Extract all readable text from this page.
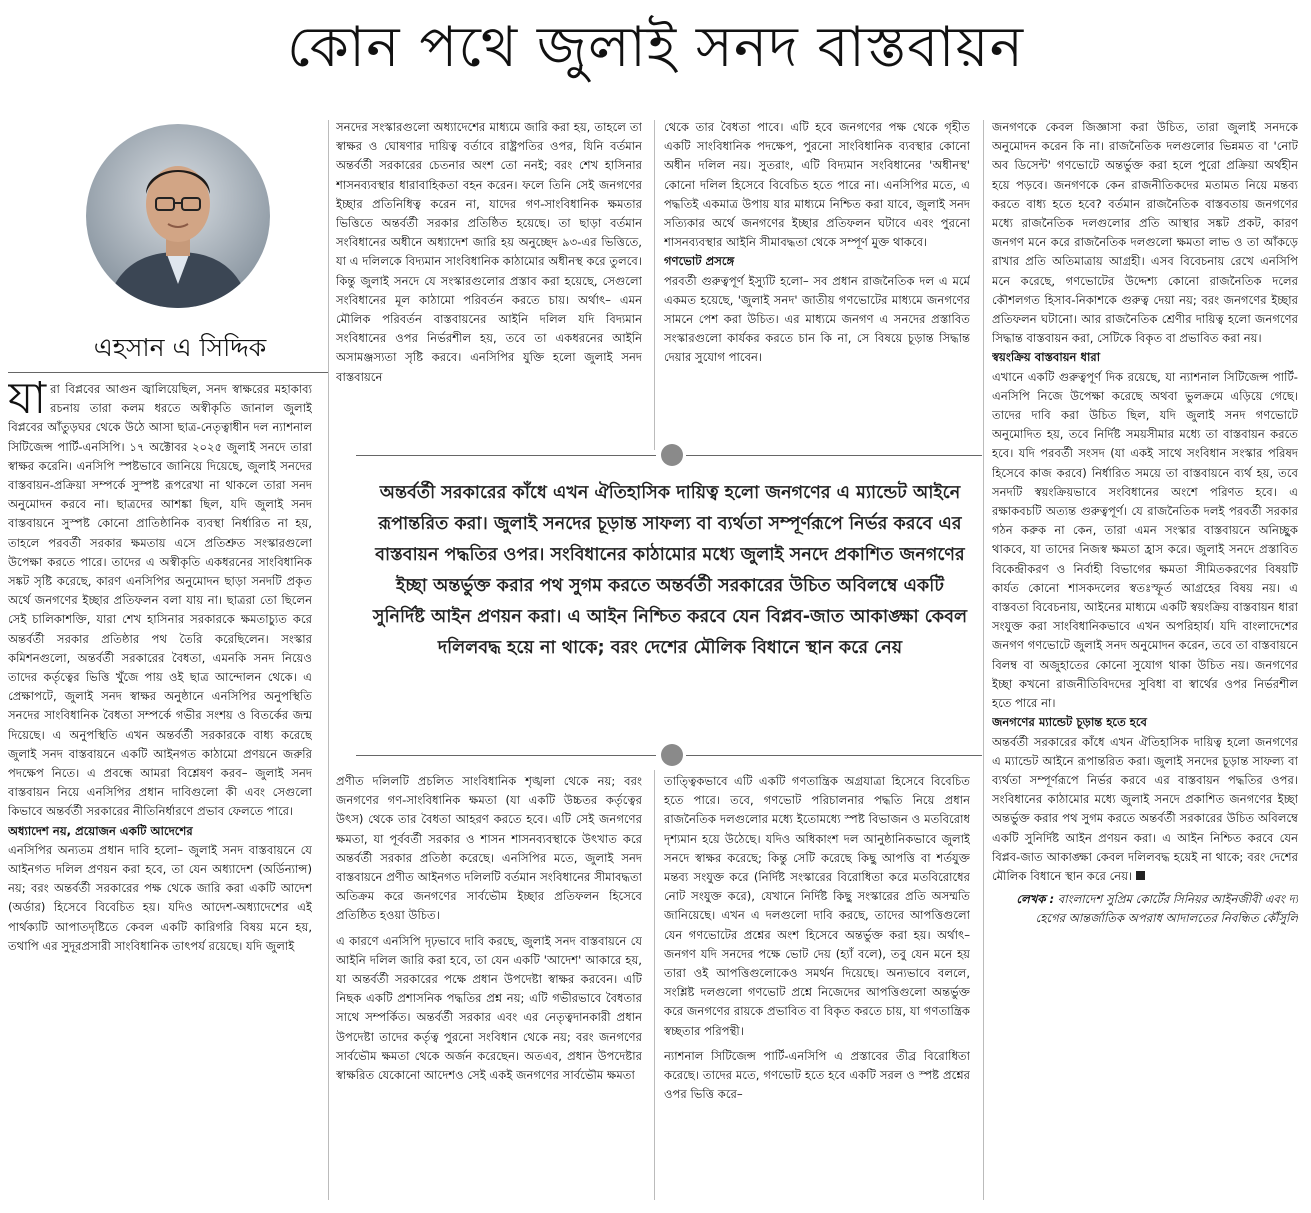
কোন পথে জুলাই সনদ বাস্তবায়ন
এহসান এ সিদ্দিক

যারা বিপ্লবের আগুন জ্বালিয়েছিল, সনদ স্বাক্ষরের মহাকাব্য রচনায় তারা কলম ধরতে অস্বীকৃতি জানাল জুলাই বিপ্লবের আঁতুড়ঘর থেকে উঠে আসা ছাত্র-নেতৃত্বাধীন দল ন্যাশনাল সিটিজেন্স পার্টি-এনসিপি। ১৭ অক্টোবর ২০২৫ জুলাই সনদে তারা স্বাক্ষর করেনি। এনসিপি স্পষ্টভাবে জানিয়ে দিয়েছে, জুলাই সনদের বাস্তবায়ন-প্রক্রিয়া সম্পর্কে সুস্পষ্ট রূপরেখা না থাকলে তারা সনদ অনুমোদন করবে না। ছাত্রদের আশঙ্কা ছিল, যদি জুলাই সনদ বাস্তবায়নে সুস্পষ্ট কোনো প্রাতিষ্ঠানিক ব্যবস্থা নির্ধারিত না হয়, তাহলে পরবর্তী সরকার ক্ষমতায় এসে প্রতিশ্রুত সংস্কারগুলো উপেক্ষা করতে পারে। তাদের এ অস্বীকৃতি একধরনের সাংবিধানিক সঙ্কট সৃষ্টি করেছে, কারণ এনসিপির অনুমোদন ছাড়া সনদটি প্রকৃত অর্থে জনগণের ইচ্ছার প্রতিফলন বলা যায় না। ছাত্ররা তো ছিলেন সেই চালিকাশক্তি, যারা শেখ হাসিনার সরকারকে ক্ষমতাচ্যুত করে অন্তর্বর্তী সরকার প্রতিষ্ঠার পথ তৈরি করেছিলেন। সংস্কার কমিশনগুলো, অন্তর্বর্তী সরকারের বৈধতা, এমনকি সনদ নিয়েও তাদের কর্তৃত্বের ভিত্তি খুঁজে পায় ওই ছাত্র আন্দোলন থেকে। এ প্রেক্ষাপটে, জুলাই সনদ স্বাক্ষর অনুষ্ঠানে এনসিপির অনুপস্থিতি সনদের সাংবিধানিক বৈধতা সম্পর্কে গভীর সংশয় ও বিতর্কের জন্ম দিয়েছে। এ অনুপস্থিতি এখন অন্তর্বর্তী সরকারকে বাধ্য করেছে জুলাই সনদ বাস্তবায়নে একটি আইনগত কাঠামো প্রণয়নে জরুরি পদক্ষেপ নিতে। এ প্রবন্ধে আমরা বিশ্লেষণ করব– জুলাই সনদ বাস্তবায়ন নিয়ে এনসিপির প্রধান দাবিগুলো কী এবং সেগুলো কিভাবে অন্তর্বর্তী সরকারের নীতিনির্ধারণে প্রভাব ফেলতে পারে।

অধ্যাদেশ নয়, প্রয়োজন একটি আদেশের

এনসিপির অন্যতম প্রধান দাবি হলো– জুলাই সনদ বাস্তবায়নে যে আইনগত দলিল প্রণয়ন করা হবে, তা যেন অধ্যাদেশ (অর্ডিন্যান্স) নয়; বরং অন্তর্বর্তী সরকারের পক্ষ থেকে জারি করা একটি আদেশ (অর্ডার) হিসেবে বিবেচিত হয়। যদিও আদেশ-অধ্যাদেশের এই পার্থক্যটি আপাতদৃষ্টিতে কেবল একটি কারিগরি বিষয় মনে হয়, তথাপি এর সুদূরপ্রসারী সাংবিধানিক তাৎপর্য রয়েছে। যদি জুলাই

সনদের সংস্কারগুলো অধ্যাদেশের মাধ্যমে জারি করা হয়, তাহলে তা স্বাক্ষর ও ঘোষণার দায়িত্ব বর্তাবে রাষ্ট্রপতির ওপর, যিনি বর্তমান অন্তর্বর্তী সরকারের চেতনার অংশ তো ননই; বরং শেখ হাসিনার শাসনব্যবস্থার ধারাবাহিকতা বহন করেন। ফলে তিনি সেই জনগণের ইচ্ছার প্রতিনিধিত্ব করেন না, যাদের গণ-সাংবিধানিক ক্ষমতার ভিত্তিতে অন্তর্বর্তী সরকার প্রতিষ্ঠিত হয়েছে। তা ছাড়া বর্তমান সংবিধানের অধীনে অধ্যাদেশ জারি হয় অনুচ্ছেদ ৯৩-এর ভিত্তিতে, যা এ দলিলকে বিদ্যমান সাংবিধানিক কাঠামোর অধীনস্থ করে তুলবে। কিন্তু জুলাই সনদে যে সংস্কারগুলোর প্রস্তাব করা হয়েছে, সেগুলো সংবিধানের মূল কাঠামো পরিবর্তন করতে চায়। অর্থাৎ– এমন মৌলিক পরিবর্তন বাস্তবায়নের আইনি দলিল যদি বিদ্যমান সংবিধানের ওপর নির্ভরশীল হয়, তবে তা একধরনের আইনি অসামঞ্জস্যতা সৃষ্টি করবে। এনসিপির যুক্তি হলো জুলাই সনদ বাস্তবায়নে

থেকে তার বৈধতা পাবে। এটি হবে জনগণের পক্ষ থেকে গৃহীত একটি সাংবিধানিক পদক্ষেপ, পুরনো সাংবিধানিক ব্যবস্থার কোনো অধীন দলিল নয়। সুতরাং, এটি বিদ্যমান সংবিধানের 'অধীনস্থ' কোনো দলিল হিসেবে বিবেচিত হতে পারে না। এনসিপির মতে, এ পদ্ধতিই একমাত্র উপায় যার মাধ্যমে নিশ্চিত করা যাবে, জুলাই সনদ সত্যিকার অর্থে জনগণের ইচ্ছার প্রতিফলন ঘটাবে এবং পুরনো শাসনব্যবস্থার আইনি সীমাবদ্ধতা থেকে সম্পূর্ণ মুক্ত থাকবে।

গণভোট প্রসঙ্গে

পরবর্তী গুরুত্বপূর্ণ ইস্যুটি হলো– সব প্রধান রাজনৈতিক দল এ মর্মে একমত হয়েছে, 'জুলাই সনদ' জাতীয় গণভোটের মাধ্যমে জনগণের সামনে পেশ করা উচিত। এর মাধ্যমে জনগণ এ সনদের প্রস্তাবিত সংস্কারগুলো কার্যকর করতে চান কি না, সে বিষয়ে চূড়ান্ত সিদ্ধান্ত দেয়ার সুযোগ পাবেন।

অন্তর্বর্তী সরকারের কাঁধে এখন ঐতিহাসিক দায়িত্ব হলো জনগণের এ ম্যান্ডেট আইনে রূপান্তরিত করা। জুলাই সনদের চূড়ান্ত সাফল্য বা ব্যর্থতা সম্পূর্ণরূপে নির্ভর করবে এর বাস্তবায়ন পদ্ধতির ওপর। সংবিধানের কাঠামোর মধ্যে জুলাই সনদে প্রকাশিত জনগণের ইচ্ছা অন্তর্ভুক্ত করার পথ সুগম করতে অন্তর্বর্তী সরকারের উচিত অবিলম্বে একটি সুনির্দিষ্ট আইন প্রণয়ন করা। এ আইন নিশ্চিত করবে যেন বিপ্লব-জাত আকাঙ্ক্ষা কেবল দলিলবদ্ধ হয়ে না থাকে; বরং দেশের মৌলিক বিধানে স্থান করে নেয়

প্রণীত দলিলটি প্রচলিত সাংবিধানিক শৃঙ্খলা থেকে নয়; বরং জনগণের গণ-সাংবিধানিক ক্ষমতা (যা একটি উচ্চতর কর্তৃত্বের উৎস) থেকে তার বৈধতা আহরণ করতে হবে। এটি সেই জনগণের ক্ষমতা, যা পূর্ববর্তী সরকার ও শাসন শাসনব্যবস্থাকে উৎখাত করে অন্তর্বর্তী সরকার প্রতিষ্ঠা করেছে। এনসিপির মতে, জুলাই সনদ বাস্তবায়নে প্রণীত আইনগত দলিলটি বর্তমান সংবিধানের সীমাবদ্ধতা অতিক্রম করে জনগণের সার্বভৌম ইচ্ছার প্রতিফলন হিসেবে প্রতিষ্ঠিত হওয়া উচিত।

এ কারণে এনসিপি দৃঢ়ভাবে দাবি করছে, জুলাই সনদ বাস্তবায়নে যে আইনি দলিল জারি করা হবে, তা যেন একটি 'আদেশ' আকারে হয়, যা অন্তর্বর্তী সরকারের পক্ষে প্রধান উপদেষ্টা স্বাক্ষর করবেন। এটি নিছক একটি প্রশাসনিক পদ্ধতির প্রশ্ন নয়; এটি গভীরভাবে বৈধতার সাথে সম্পর্কিত। অন্তর্বর্তী সরকার এবং এর নেতৃত্বদানকারী প্রধান উপদেষ্টা তাদের কর্তৃত্ব পুরনো সংবিধান থেকে নয়; বরং জনগণের সার্বভৌম ক্ষমতা থেকে অর্জন করেছেন। অতএব, প্রধান উপদেষ্টার স্বাক্ষরিত যেকোনো আদেশও সেই একই জনগণের সার্বভৌম ক্ষমতা

তাত্ত্বিকভাবে এটি একটি গণতান্ত্রিক অগ্রযাত্রা হিসেবে বিবেচিত হতে পারে। তবে, গণভোট পরিচালনার পদ্ধতি নিয়ে প্রধান রাজনৈতিক দলগুলোর মধ্যে ইতোমধ্যে স্পষ্ট বিভাজন ও মতবিরোধ দৃশ্যমান হয়ে উঠেছে। যদিও অধিকাংশ দল আনুষ্ঠানিকভাবে জুলাই সনদে স্বাক্ষর করেছে; কিন্তু সেটি করেছে কিছু আপত্তি বা শর্তযুক্ত মন্তব্য সংযুক্ত করে (নির্দিষ্ট সংস্কারের বিরোধিতা করে মতবিরোধের নোট সংযুক্ত করে), যেখানে নির্দিষ্ট কিছু সংস্কারের প্রতি অসম্মতি জানিয়েছে। এখন এ দলগুলো দাবি করছে, তাদের আপত্তিগুলো যেন গণভোটের প্রশ্নের অংশ হিসেবে অন্তর্ভুক্ত করা হয়। অর্থাৎ– জনগণ যদি সনদের পক্ষে ভোট দেয় (হ্যাঁ বলে), তবু যেন মনে হয় তারা ওই আপত্তিগুলোকেও সমর্থন দিয়েছে। অন্যভাবে বললে, সংশ্লিষ্ট দলগুলো গণভোট প্রশ্নে নিজেদের আপত্তিগুলো অন্তর্ভুক্ত করে জনগণের রায়কে প্রভাবিত বা বিকৃত করতে চায়, যা গণতান্ত্রিক স্বচ্ছতার পরিপন্থী।

ন্যাশনাল সিটিজেন্স পার্টি-এনসিপি এ প্রস্তাবের তীব্র বিরোধিতা করেছে। তাদের মতে, গণভোট হতে হবে একটি সরল ও স্পষ্ট প্রশ্নের ওপর ভিত্তি করে–

জনগণকে কেবল জিজ্ঞাসা করা উচিত, তারা জুলাই সনদকে অনুমোদন করেন কি না। রাজনৈতিক দলগুলোর ভিন্নমত বা 'নোট অব ডিসেন্ট' গণভোটে অন্তর্ভুক্ত করা হলে পুরো প্রক্রিয়া অর্থহীন হয়ে পড়বে। জনগণকে কেন রাজনীতিকদের মতামত নিয়ে মন্তব্য করতে বাধ্য হতে হবে? বর্তমান রাজনৈতিক বাস্তবতায় জনগণের মধ্যে রাজনৈতিক দলগুলোর প্রতি আস্থার সঙ্কট প্রকট, কারণ জনগণ মনে করে রাজনৈতিক দলগুলো ক্ষমতা লাভ ও তা আঁকড়ে রাখার প্রতি অতিমাত্রায় আগ্রহী। এসব বিবেচনায় রেখে এনসিপি মনে করেছে, গণভোটের উদ্দেশ্য কোনো রাজনৈতিক দলের কৌশলগত হিসাব-নিকাশকে গুরুত্ব দেয়া নয়; বরং জনগণের ইচ্ছার প্রতিফলন ঘটানো। আর রাজনৈতিক শ্রেণীর দায়িত্ব হলো জনগণের সিদ্ধান্ত বাস্তবায়ন করা, সেটিকে বিকৃত বা প্রভাবিত করা নয়।

স্বয়ংক্রিয় বাস্তবায়ন ধারা

এখানে একটি গুরুত্বপূর্ণ দিক রয়েছে, যা ন্যাশনাল সিটিজেন্স পার্টি-এনসিপি নিজে উপেক্ষা করেছে অথবা ভুলক্রমে এড়িয়ে গেছে। তাদের দাবি করা উচিত ছিল, যদি জুলাই সনদ গণভোটে অনুমোদিত হয়, তবে নির্দিষ্ট সময়সীমার মধ্যে তা বাস্তবায়ন করতে হবে। যদি পরবর্তী সংসদ (যা একই সাথে সংবিধান সংস্কার পরিষদ হিসেবে কাজ করবে) নির্ধারিত সময়ে তা বাস্তবায়নে ব্যর্থ হয়, তবে সনদটি স্বয়ংক্রিয়ভাবে সংবিধানের অংশে পরিণত হবে। এ রক্ষাকবচটি অত্যন্ত গুরুত্বপূর্ণ। যে রাজনৈতিক দলই পরবর্তী সরকার গঠন করুক না কেন, তারা এমন সংস্কার বাস্তবায়নে অনিচ্ছুক থাকবে, যা তাদের নিজস্ব ক্ষমতা হ্রাস করে। জুলাই সনদে প্রস্তাবিত বিকেন্দ্রীকরণ ও নির্বাহী বিভাগের ক্ষমতা সীমিতকরণের বিষয়টি কার্যত কোনো শাসকদলের স্বতঃস্ফূর্ত আগ্রহের বিষয় নয়। এ বাস্তবতা বিবেচনায়, আইনের মাধ্যমে একটি স্বয়ংক্রিয় বাস্তবায়ন ধারা সংযুক্ত করা সাংবিধানিকভাবে এখন অপরিহার্য। যদি বাংলাদেশের জনগণ গণভোটে জুলাই সনদ অনুমোদন করেন, তবে তা বাস্তবায়নে বিলম্ব বা অজুহাতের কোনো সুযোগ থাকা উচিত নয়। জনগণের ইচ্ছা কখনো রাজনীতিবিদদের সুবিধা বা স্বার্থের ওপর নির্ভরশীল হতে পারে না।

জনগণের ম্যান্ডেট চূড়ান্ত হতে হবে

অন্তর্বর্তী সরকারের কাঁধে এখন ঐতিহাসিক দায়িত্ব হলো জনগণের এ ম্যান্ডেট আইনে রূপান্তরিত করা। জুলাই সনদের চূড়ান্ত সাফল্য বা ব্যর্থতা সম্পূর্ণরূপে নির্ভর করবে এর বাস্তবায়ন পদ্ধতির ওপর। সংবিধানের কাঠামোর মধ্যে জুলাই সনদে প্রকাশিত জনগণের ইচ্ছা অন্তর্ভুক্ত করার পথ সুগম করতে অন্তর্বর্তী সরকারের উচিত অবিলম্বে একটি সুনির্দিষ্ট আইন প্রণয়ন করা। এ আইন নিশ্চিত করবে যেন বিপ্লব-জাত আকাঙ্ক্ষা কেবল দলিলবদ্ধ হয়েই না থাকে; বরং দেশের মৌলিক বিধানে স্থান করে নেয়।

লেখক : বাংলাদেশ সুপ্রিম কোর্টের সিনিয়র আইনজীবী এবং দ্য হেগের আন্তর্জাতিক অপরাধ আদালতের নিবন্ধিত কৌঁসুলি
